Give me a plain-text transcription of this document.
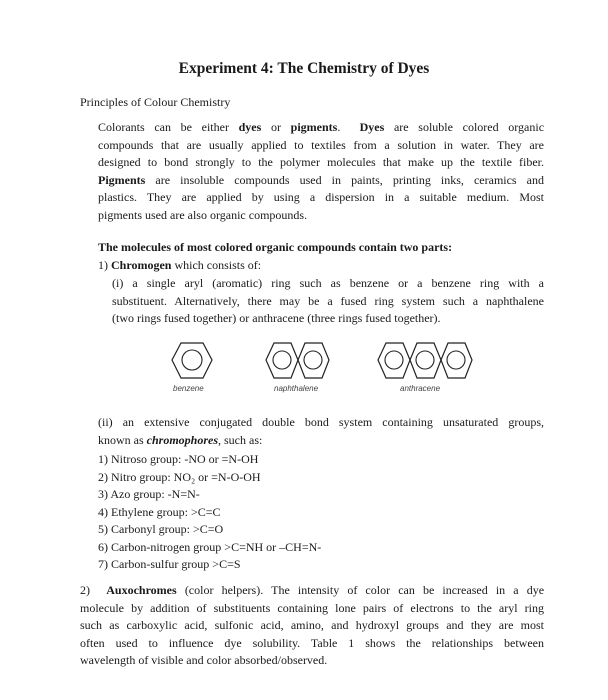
Experiment 4: The Chemistry of Dyes
Principles of Colour Chemistry
Colorants can be either dyes or pigments. Dyes are soluble colored organic
compounds that are usually applied to textiles from a solution in water. They are
designed to bond strongly to the polymer molecules that make up the textile fiber.
Pigments are insoluble compounds used in paints, printing inks, ceramics and
plastics. They are applied by using a dispersion in a suitable medium. Most
pigments used are also organic compounds.
The molecules of most colored organic compounds contain two parts:
1) Chromogen which consists of:
(i) a single aryl (aromatic) ring such as benzene or a benzene ring with a
substituent. Alternatively, there may be a fused ring system such a naphthalene
(two rings fused together) or anthracene (three rings fused together).
benzene	naphthalene	anthracene
(ii) an extensive conjugated double bond system containing unsaturated groups,
known as chromophores, such as:
1) Nitroso group: -NO or =N-OH
2) Nitro group: NO₂ or =N-O-OH
3) Azo group: -N=N-
4) Ethylene group: >C=C
5) Carbonyl group: >C=O
6) Carbon-nitrogen group >C=NH or –CH=N-
7) Carbon-sulfur group >C=S
2) Auxochromes (color helpers). The intensity of color can be increased in a dye
molecule by addition of substituents containing lone pairs of electrons to the aryl ring
such as carboxylic acid, sulfonic acid, amino, and hydroxyl groups and they are most
often used to influence dye solubility. Table 1 shows the relationships between
wavelength of visible and color absorbed/observed.
